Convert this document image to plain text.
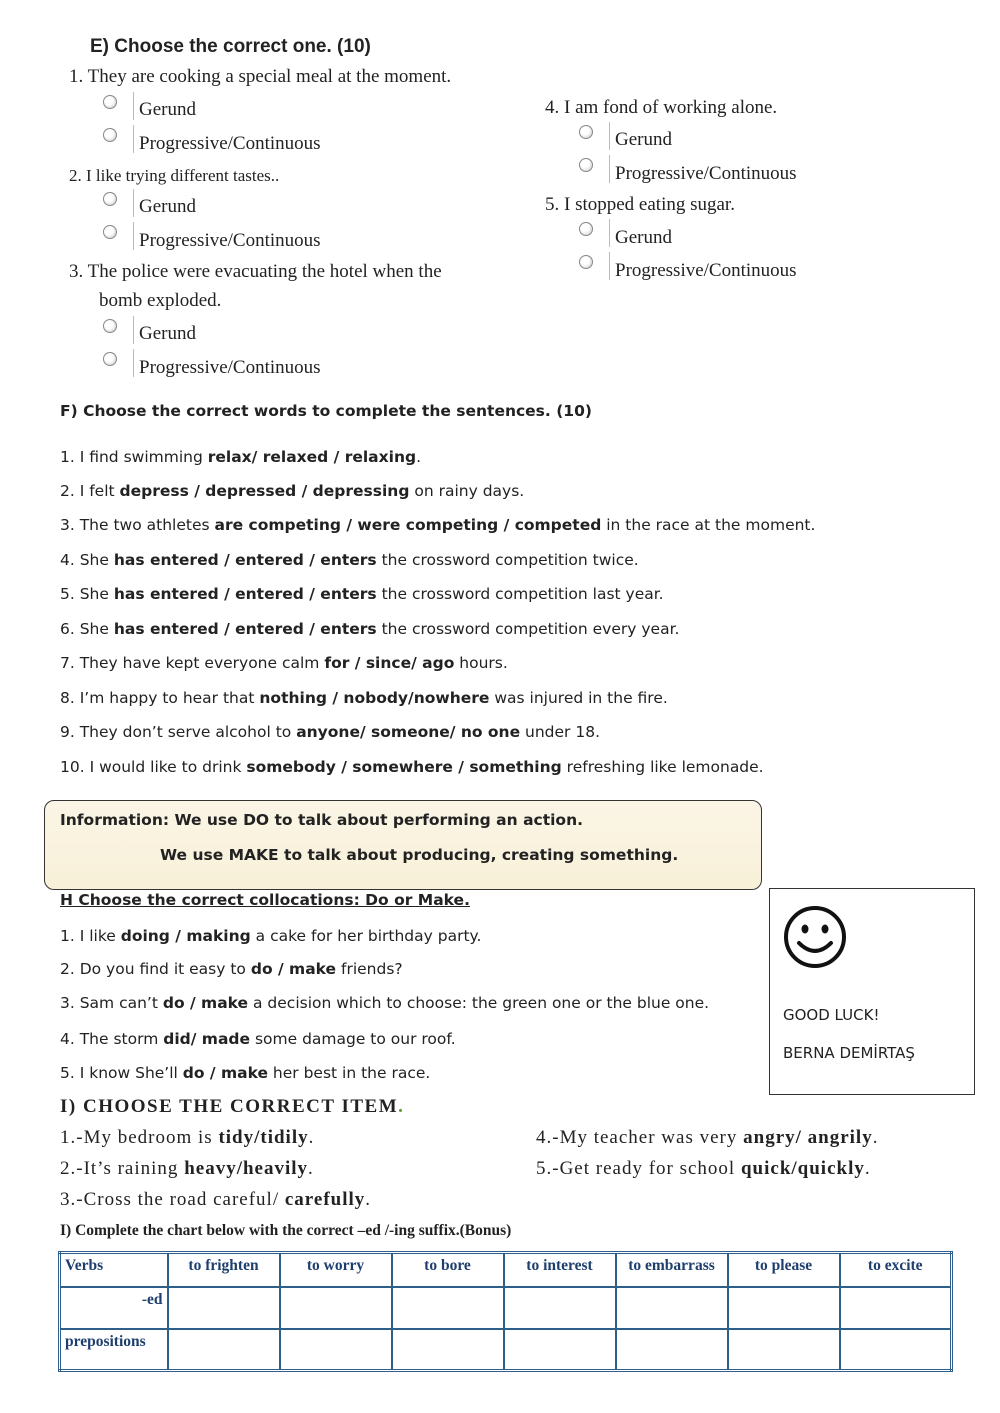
E) Choose the correct one. (10)
1. They are cooking a special meal at the moment.
Gerund
Progressive/Continuous
2. I like trying different tastes..
Gerund
Progressive/Continuous
3. The police were evacuating the hotel when the
bomb exploded.
Gerund
Progressive/Continuous
4. I am fond of working alone.
Gerund
Progressive/Continuous
5. I stopped eating sugar.
Gerund
Progressive/Continuous
F) Choose the correct words to complete the sentences. (10)
1. I find swimming relax/ relaxed / relaxing.
2. I felt depress / depressed / depressing on rainy days.
3. The two athletes are competing / were competing / competed in the race at the moment.
4. She has entered / entered / enters the crossword competition twice.
5. She has entered / entered / enters the crossword competition last year.
6. She has entered / entered / enters the crossword competition every year.
7. They have kept everyone calm for / since/ ago hours.
8. I’m happy to hear that nothing / nobody/nowhere was injured in the fire.
9. They don’t serve alcohol to anyone/ someone/ no one under 18.
10. I would like to drink somebody / somewhere / something refreshing like lemonade.
Information: We use DO to talk about performing an action.
We use MAKE to talk about producing, creating something.
H Choose the correct collocations: Do or Make.
1. I like doing / making a cake for her birthday party.
2. Do you find it easy to do / make friends?
3. Sam can’t do / make a decision which to choose: the green one or the blue one.
4. The storm did/ made some damage to our roof.
5. I know She’ll do / make her best in the race.
GOOD LUCK!
BERNA DEMİRTAŞ
I) CHOOSE THE CORRECT ITEM.
1.-My bedroom is tidy/tidily.
2.-It’s raining heavy/heavily.
3.-Cross the road careful/ carefully.
4.-My teacher was very angry/ angrily.
5.-Get ready for school quick/quickly.
I) Complete the chart below with the correct –ed /-ing suffix.(Bonus)
Verbs	to frighten	to worry	to bore	to interest	to embarrass	to please	to excite
-ed							
prepositions							
